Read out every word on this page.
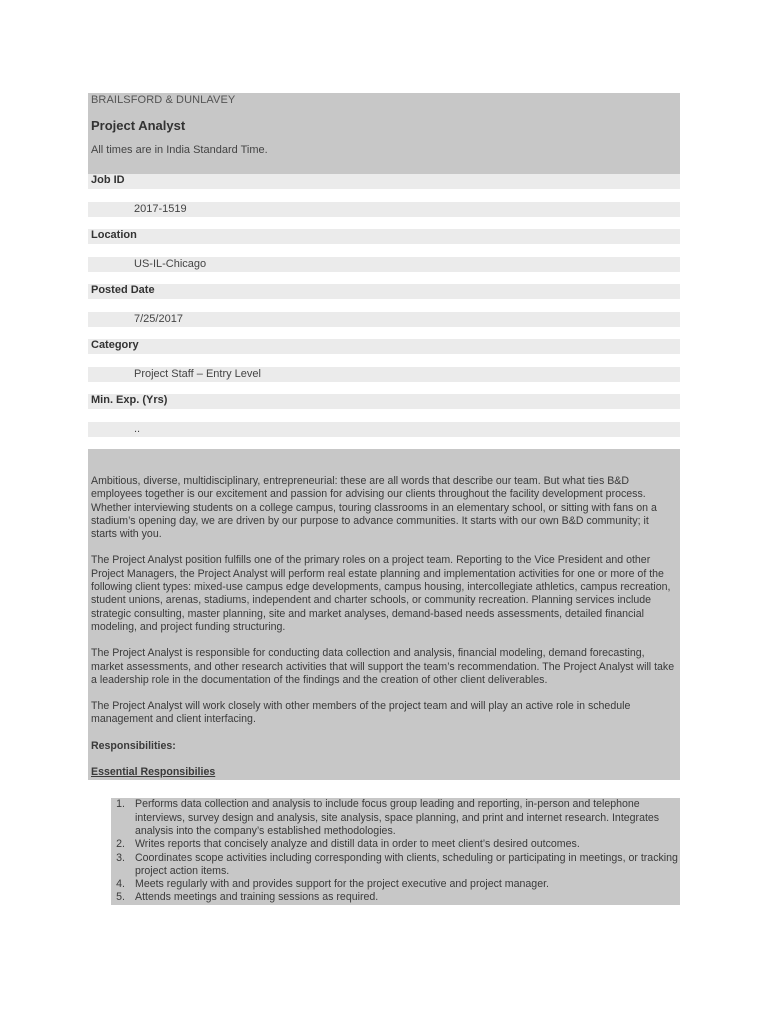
BRAILSFORD & DUNLAVEY
Project Analyst
All times are in India Standard Time.
Job ID
2017-1519
Location
US-IL-Chicago
Posted Date
7/25/2017
Category
Project Staff – Entry Level
Min. Exp. (Yrs)
..

Ambitious, diverse, multidisciplinary, entrepreneurial: these are all words that describe our team. But what ties B&D employees together is our excitement and passion for advising our clients throughout the facility development process. Whether interviewing students on a college campus, touring classrooms in an elementary school, or sitting with fans on a stadium’s opening day, we are driven by our purpose to advance communities. It starts with our own B&D community; it starts with you.

The Project Analyst position fulfills one of the primary roles on a project team. Reporting to the Vice President and other Project Managers, the Project Analyst will perform real estate planning and implementation activities for one or more of the following client types: mixed-use campus edge developments, campus housing, intercollegiate athletics, campus recreation, student unions, arenas, stadiums, independent and charter schools, or community recreation. Planning services include strategic consulting, master planning, site and market analyses, demand-based needs assessments, detailed financial modeling, and project funding structuring.

The Project Analyst is responsible for conducting data collection and analysis, financial modeling, demand forecasting, market assessments, and other research activities that will support the team’s recommendation. The Project Analyst will take a leadership role in the documentation of the findings and the creation of other client deliverables.

The Project Analyst will work closely with other members of the project team and will play an active role in schedule management and client interfacing.

Responsibilities:

Essential Responsibilies

1. Performs data collection and analysis to include focus group leading and reporting, in-person and telephone interviews, survey design and analysis, site analysis, space planning, and print and internet research. Integrates analysis into the company’s established methodologies.
2. Writes reports that concisely analyze and distill data in order to meet client’s desired outcomes.
3. Coordinates scope activities including corresponding with clients, scheduling or participating in meetings, or tracking project action items.
4. Meets regularly with and provides support for the project executive and project manager.
5. Attends meetings and training sessions as required.
